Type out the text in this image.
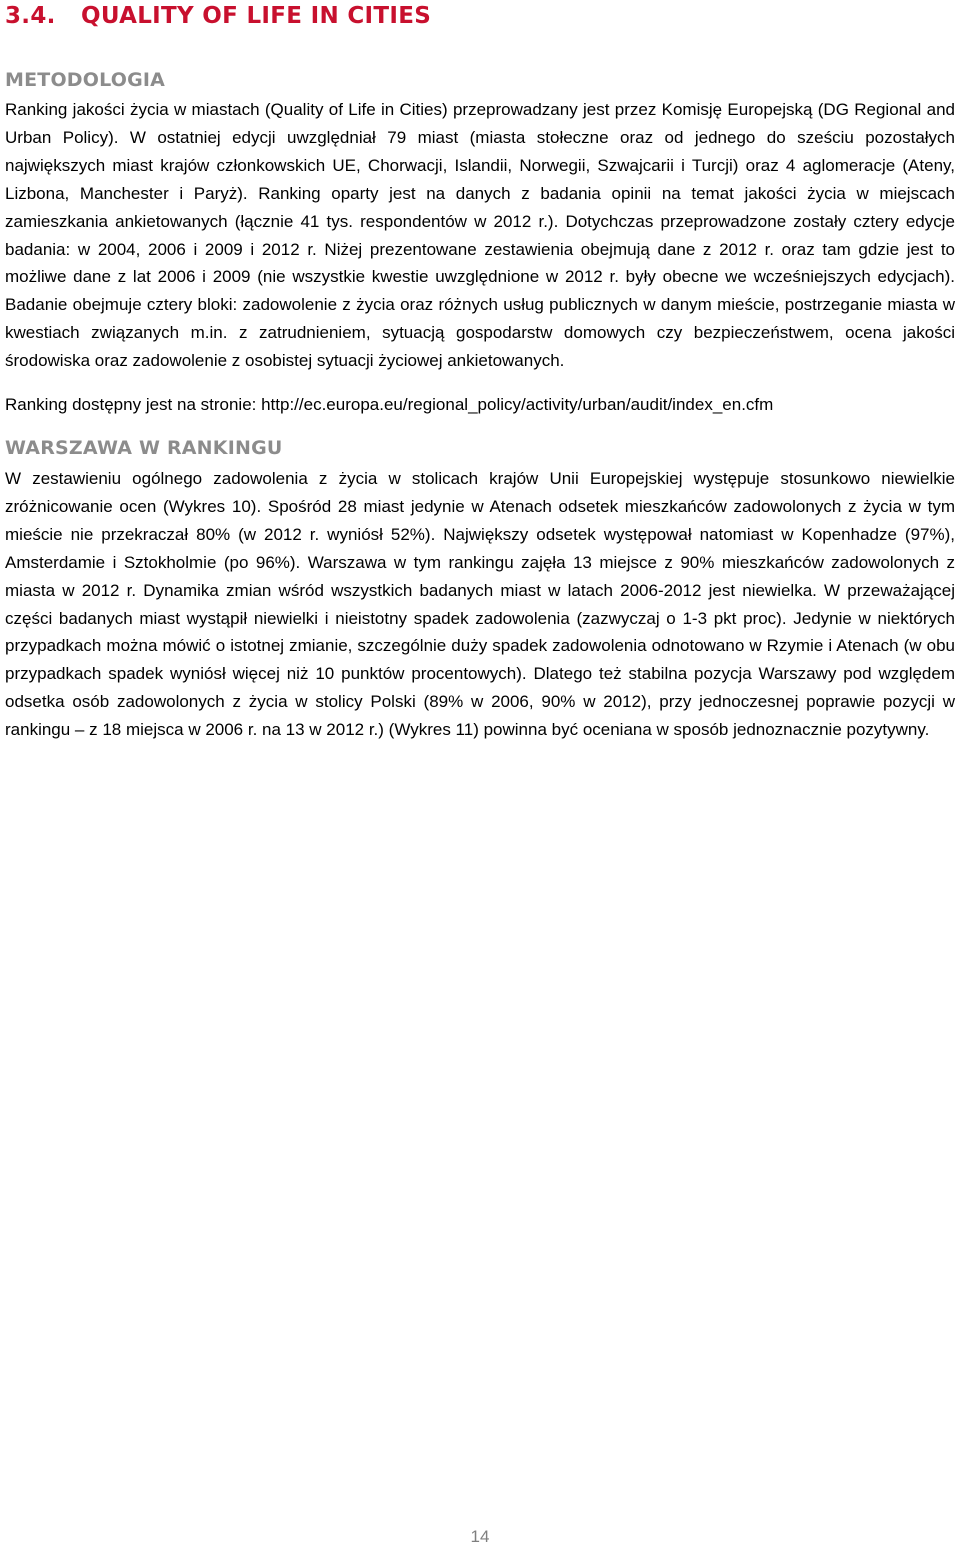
3.4. QUALITY OF LIFE IN CITIES
METODOLOGIA

Ranking jakości życia w miastach (Quality of Life in Cities) przeprowadzany jest przez Komisję Europejską (DG Regional and Urban Policy). W ostatniej edycji uwzględniał 79 miast (miasta stołeczne oraz od jednego do sześciu pozostałych największych miast krajów członkowskich UE, Chorwacji, Islandii, Norwegii, Szwajcarii i Turcji) oraz 4 aglomeracje (Ateny, Lizbona, Manchester i Paryż). Ranking oparty jest na danych z badania opinii na temat jakości życia w miejscach zamieszkania ankietowanych (łącznie 41 tys. respondentów w 2012 r.). Dotychczas przeprowadzone zostały cztery edycje badania: w 2004, 2006 i 2009 i 2012 r. Niżej prezentowane zestawienia obejmują dane z 2012 r. oraz tam gdzie jest to możliwe dane z lat 2006 i 2009 (nie wszystkie kwestie uwzględnione w 2012 r. były obecne we wcześniejszych edycjach). Badanie obejmuje cztery bloki: zadowolenie z życia oraz różnych usług publicznych w danym mieście, postrzeganie miasta w kwestiach związanych m.in. z zatrudnieniem, sytuacją gospodarstw domowych czy bezpieczeństwem, ocena jakości środowiska oraz zadowolenie z osobistej sytuacji życiowej ankietowanych.

Ranking dostępny jest na stronie: http://ec.europa.eu/regional_policy/activity/urban/audit/index_en.cfm

WARSZAWA W RANKINGU

W zestawieniu ogólnego zadowolenia z życia w stolicach krajów Unii Europejskiej występuje stosunkowo niewielkie zróżnicowanie ocen (Wykres 10). Spośród 28 miast jedynie w Atenach odsetek mieszkańców zadowolonych z życia w tym mieście nie przekraczał 80% (w 2012 r. wyniósł 52%). Największy odsetek występował natomiast w Kopenhadze (97%), Amsterdamie i Sztokholmie (po 96%). Warszawa w tym rankingu zajęła 13 miejsce z 90% mieszkańców zadowolonych z miasta w 2012 r. Dynamika zmian wśród wszystkich badanych miast w latach 2006-2012 jest niewielka. W przeważającej części badanych miast wystąpił niewielki i nieistotny spadek zadowolenia (zazwyczaj o 1-3 pkt proc). Jedynie w niektórych przypadkach można mówić o istotnej zmianie, szczególnie duży spadek zadowolenia odnotowano w Rzymie i Atenach (w obu przypadkach spadek wyniósł więcej niż 10 punktów procentowych). Dlatego też stabilna pozycja Warszawy pod względem odsetka osób zadowolonych z życia w stolicy Polski (89% w 2006, 90% w 2012), przy jednoczesnej poprawie pozycji w rankingu – z 18 miejsca w 2006 r. na 13 w 2012 r.) (Wykres 11) powinna być oceniana w sposób jednoznacznie pozytywny.

14
